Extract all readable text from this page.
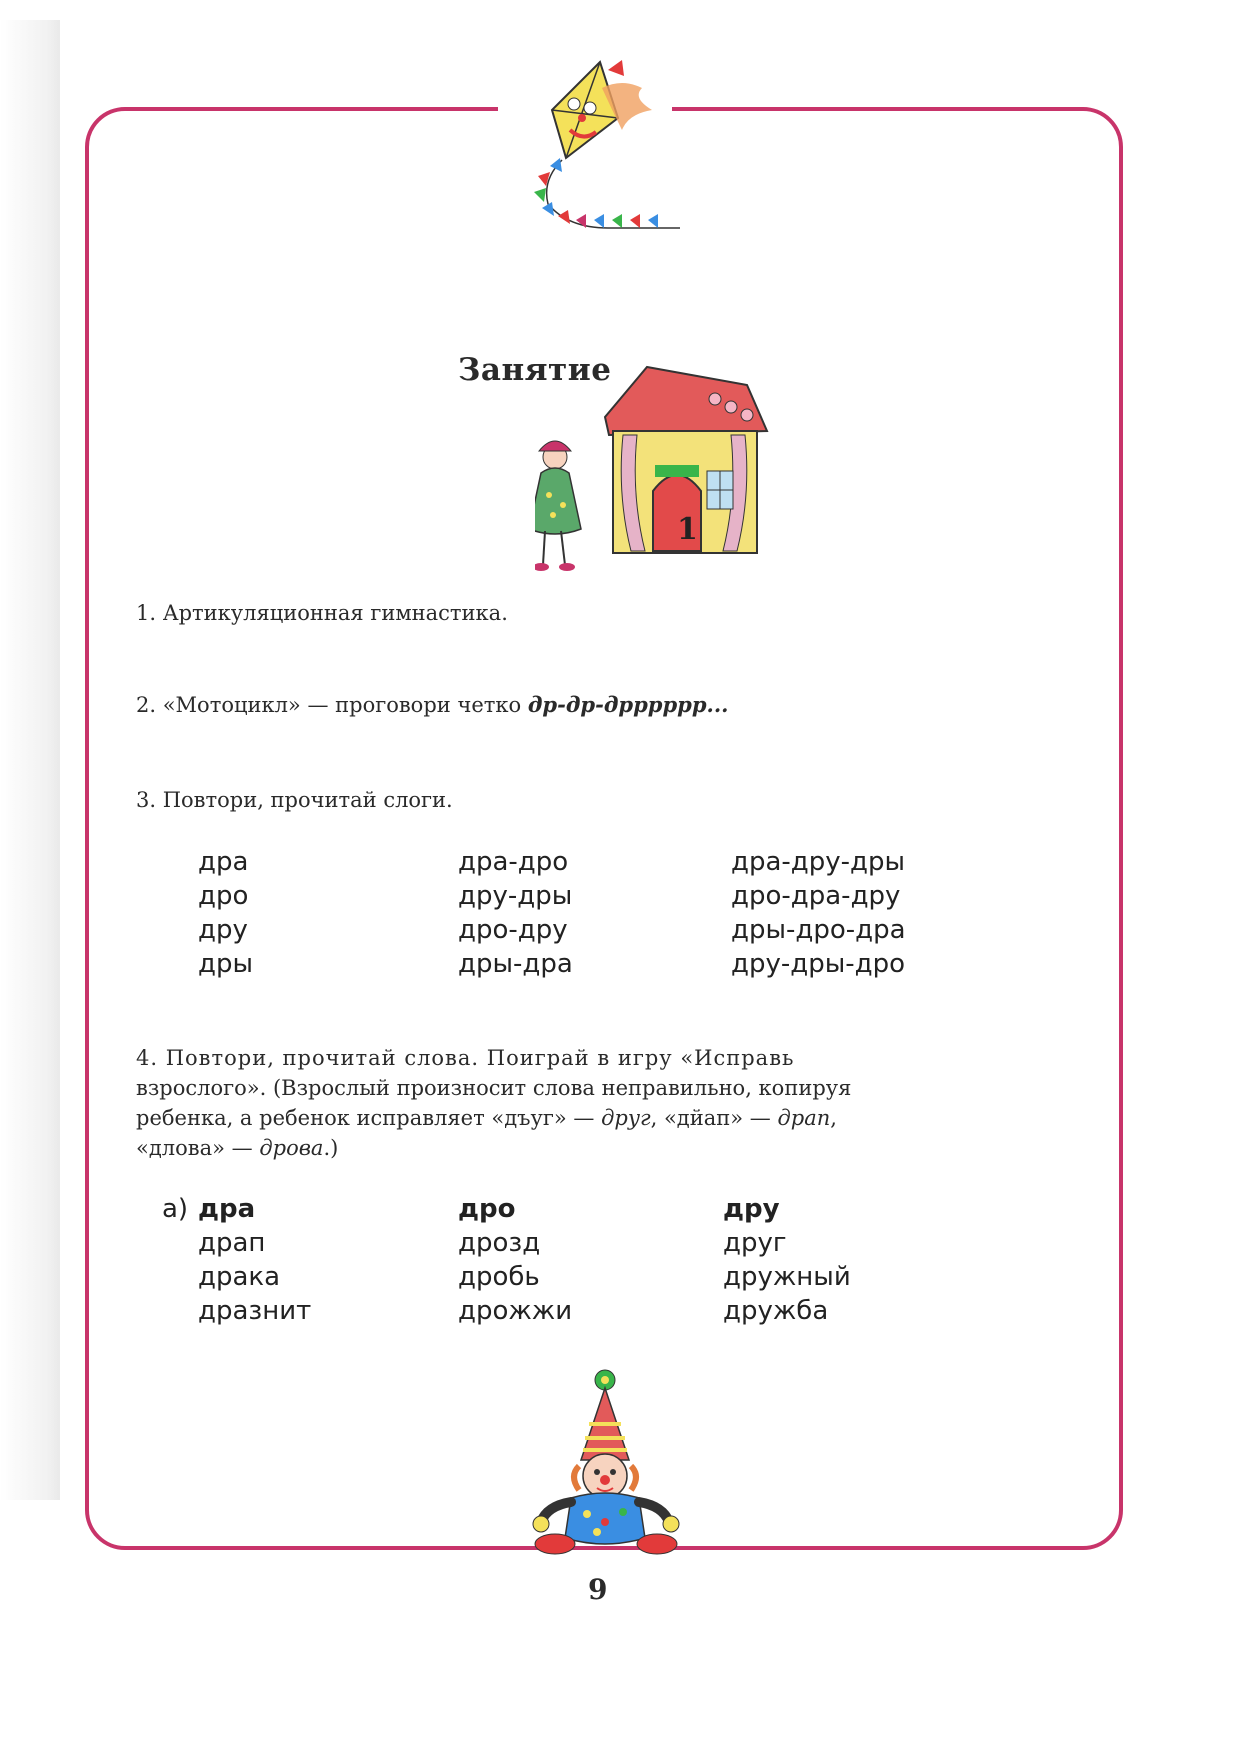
Занятие
1
1. Артикуляционная гимнастика.
2. «Мотоцикл» — проговори четко др-др-дрррррр...
3. Повтори, прочитай слоги.
дра
дро
дру
дры
дра-дро
дру-дры
дро-дру
дры-дра
дра-дру-дры
дро-дра-дру
дры-дро-дра
дру-дры-дро
4. Повтори, прочитай слова. Поиграй в игру «Исправь
взрослого». (Взрослый произносит слова неправильно, копируя
ребенка, а ребенок исправляет «дъуг» — друг, «дйап» — драп,
«длова» — дрова.)
а) дра
драп
драка
дразнит
дро
дрозд
дробь
дрожжи
дру
друг
дружный
дружба
9
